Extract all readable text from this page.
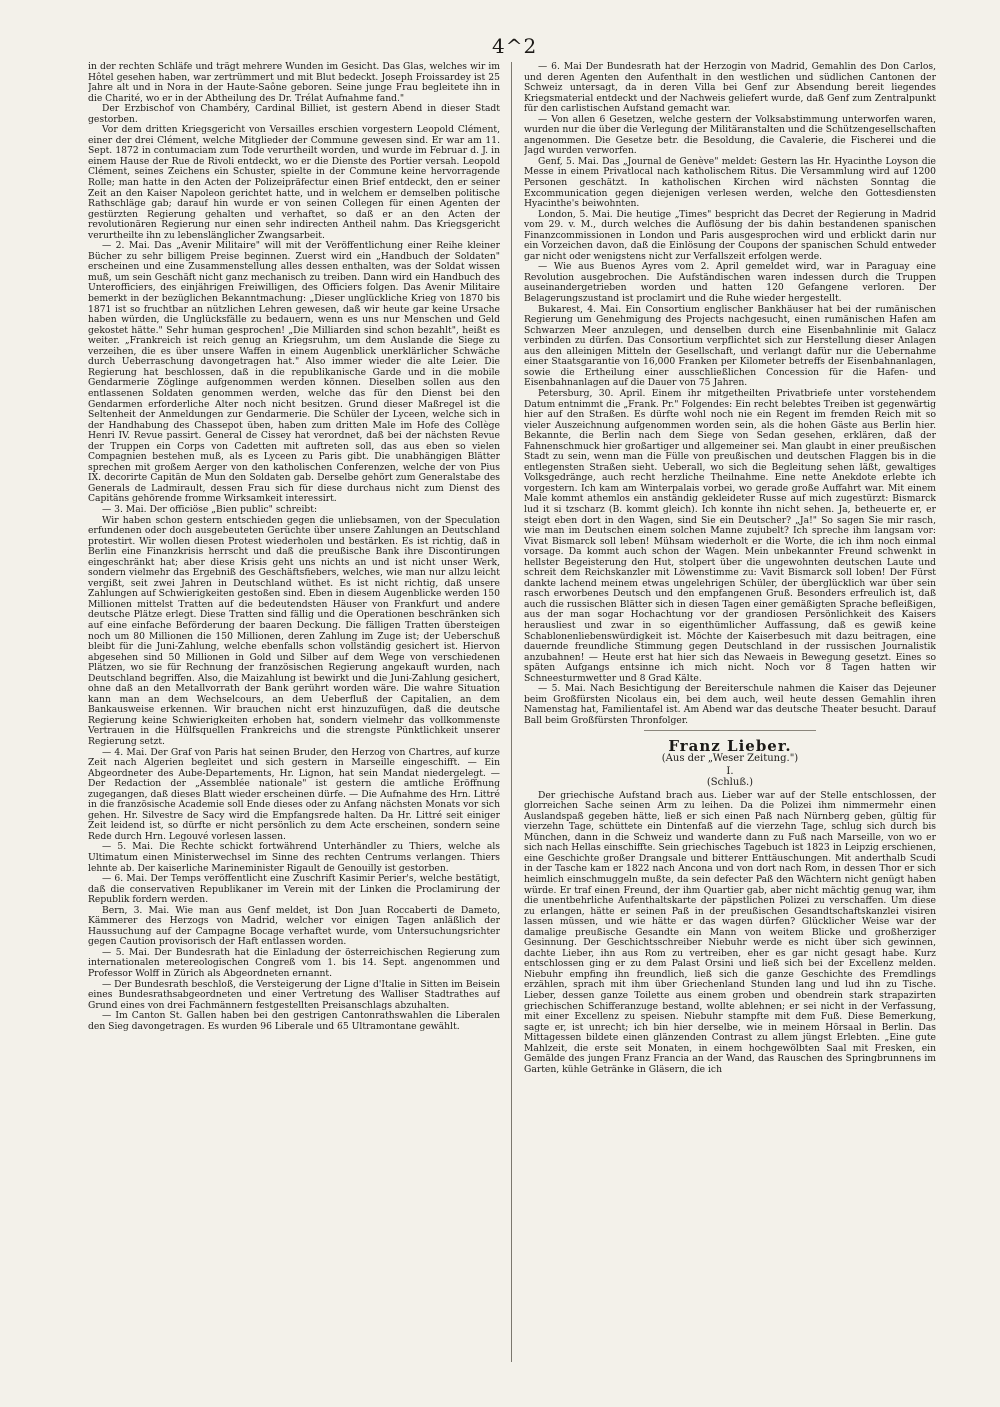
4^2

in der rechten Schläfe und trägt mehrere Wunden im Gesicht. Das Glas, welches wir im Hôtel gesehen haben, war zertrümmert und mit Blut bedeckt. Joseph Froissardey ist 25 Jahre alt und in Nora in der Haute-Saône geboren. Seine junge Frau begleitete ihn in die Charité, wo er in der Abtheilung des Dr. Trélat Aufnahme fand."

Der Erzbischof von Chambéry, Cardinal Billiet, ist gestern Abend in dieser Stadt gestorben.

Vor dem dritten Kriegsgericht von Versailles erschien vorgestern Leopold Clément, einer der drei Clément, welche Mitglieder der Commune gewesen sind. Er war am 11. Sept. 1872 in contumaciam zum Tode verurtheilt worden, und wurde im Februar d. J. in einem Hause der Rue de Rivoli entdeckt, wo er die Dienste des Portier versah. Leopold Clément, seines Zeichens ein Schuster, spielte in der Commune keine hervorragende Rolle; man hatte in den Acten der Polizeipräfectur einen Brief entdeckt, den er seiner Zeit an den Kaiser Napoleon gerichtet hatte, und in welchem er demselben politische Rathschläge gab; darauf hin wurde er von seinen Collegen für einen Agenten der gestürzten Regierung gehalten und verhaftet, so daß er an den Acten der revolutionären Regierung nur einen sehr indirecten Antheil nahm. Das Kriegsgericht verurtheilte ihn zu lebenslänglicher Zwangsarbeit.

— 2. Mai. Das „Avenir Militaire" will mit der Veröffentlichung einer Reihe kleiner Bücher zu sehr billigem Preise beginnen. Zuerst wird ein „Handbuch der Soldaten" erscheinen und eine Zusammenstellung alles dessen enthalten, was der Soldat wissen muß, um sein Geschäft nicht ganz mechanisch zu treiben. Dann wird ein Handbuch des Unterofficiers, des einjährigen Freiwilligen, des Officiers folgen. Das Avenir Militaire bemerkt in der bezüglichen Bekanntmachung: „Dieser unglückliche Krieg von 1870 bis 1871 ist so fruchtbar an nützlichen Lehren gewesen, daß wir heute gar keine Ursache haben würden, die Unglücksfälle zu bedauern, wenn es uns nur Menschen und Geld gekostet hätte." Sehr human gesprochen! „Die Milliarden sind schon bezahlt", heißt es weiter. „Frankreich ist reich genug an Kriegsruhm, um dem Auslande die Siege zu verzeihen, die es über unsere Waffen in einem Augenblick unerklärlicher Schwäche durch Ueberraschung davongetragen hat." Also immer wieder die alte Leier. Die Regierung hat beschlossen, daß in die republikanische Garde und in die mobile Gendarmerie Zöglinge aufgenommen werden können. Dieselben sollen aus den entlassenen Soldaten genommen werden, welche das für den Dienst bei den Gendarmen erforderliche Alter noch nicht besitzen. Grund dieser Maßregel ist die Seltenheit der Anmeldungen zur Gendarmerie. Die Schüler der Lyceen, welche sich in der Handhabung des Chassepot üben, haben zum dritten Male im Hofe des Collège Henri IV. Revue passirt. General de Cissey hat verordnet, daß bei der nächsten Revue der Truppen ein Corps von Cadetten mit auftreten soll, das aus eben so vielen Compagnien bestehen muß, als es Lyceen zu Paris gibt. Die unabhängigen Blätter sprechen mit großem Aerger von den katholischen Conferenzen, welche der von Pius IX. decorirte Capitän de Mun den Soldaten gab. Derselbe gehört zum Generalstabe des Generals de Ladmirault, dessen Frau sich für diese durchaus nicht zum Dienst des Capitäns gehörende fromme Wirksamkeit interessirt.

— 3. Mai. Der officiöse „Bien public" schreibt:

Wir haben schon gestern entschieden gegen die unliebsamen, von der Speculation erfundenen oder doch ausgebeuteten Gerüchte über unsere Zahlungen an Deutschland protestirt. Wir wollen diesen Protest wiederholen und bestärken. Es ist richtig, daß in Berlin eine Finanzkrisis herrscht und daß die preußische Bank ihre Discontirungen eingeschränkt hat; aber diese Krisis geht uns nichts an und ist nicht unser Werk, sondern vielmehr das Ergebniß des Geschäftsfiebers, welches, wie man nur allzu leicht vergißt, seit zwei Jahren in Deutschland wüthet. Es ist nicht richtig, daß unsere Zahlungen auf Schwierigkeiten gestoßen sind. Eben in diesem Augenblicke werden 150 Millionen mittelst Tratten auf die bedeutendsten Häuser von Frankfurt und andere deutsche Plätze erlegt. Diese Tratten sind fällig und die Operationen beschränken sich auf eine einfache Beförderung der baaren Deckung. Die fälligen Tratten übersteigen noch um 80 Millionen die 150 Millionen, deren Zahlung im Zuge ist; der Ueberschuß bleibt für die Juni-Zahlung, welche ebenfalls schon vollständig gesichert ist. Hiervon abgesehen sind 50 Millionen in Gold und Silber auf dem Wege von verschiedenen Plätzen, wo sie für Rechnung der französischen Regierung angekauft wurden, nach Deutschland begriffen. Also, die Maizahlung ist bewirkt und die Juni-Zahlung gesichert, ohne daß an den Metallvorrath der Bank gerührt worden wäre. Die wahre Situation kann man an dem Wechselcours, an dem Ueberfluß der Capitalien, an dem Bankausweise erkennen. Wir brauchen nicht erst hinzuzufügen, daß die deutsche Regierung keine Schwierigkeiten erhoben hat, sondern vielmehr das vollkommenste Vertrauen in die Hülfsquellen Frankreichs und die strengste Pünktlichkeit unserer Regierung setzt.

— 4. Mai. Der Graf von Paris hat seinen Bruder, den Herzog von Chartres, auf kurze Zeit nach Algerien begleitet und sich gestern in Marseille eingeschifft. — Ein Abgeordneter des Aube-Departements, Hr. Lignon, hat sein Mandat niedergelegt. — Der Redaction der „Assemblée nationale" ist gestern die amtliche Eröffnung zugegangen, daß dieses Blatt wieder erscheinen dürfe. — Die Aufnahme des Hrn. Littré in die französische Academie soll Ende dieses oder zu Anfang nächsten Monats vor sich gehen. Hr. Silvestre de Sacy wird die Empfangsrede halten. Da Hr. Littré seit einiger Zeit leidend ist, so dürfte er nicht persönlich zu dem Acte erscheinen, sondern seine Rede durch Hrn. Legouvé vorlesen lassen.

— 5. Mai. Die Rechte schickt fortwährend Unterhändler zu Thiers, welche als Ultimatum einen Ministerwechsel im Sinne des rechten Centrums verlangen. Thiers lehnte ab. Der kaiserliche Marineminister Rigault de Genouilly ist gestorben.

— 6. Mai. Der Temps veröffentlicht eine Zuschrift Kasimir Perier's, welche bestätigt, daß die conservativen Republikaner im Verein mit der Linken die Proclamirung der Republik fordern werden.

Bern, 3. Mai. Wie man aus Genf meldet, ist Don Juan Roccaberti de Dameto, Kämmerer des Herzogs von Madrid, welcher vor einigen Tagen anläßlich der Haussuchung auf der Campagne Bocage verhaftet wurde, vom Untersuchungsrichter gegen Caution provisorisch der Haft entlassen worden.

— 5. Mai. Der Bundesrath hat die Einladung der österreichischen Regierung zum internationalen metereologischen Congreß vom 1. bis 14. Sept. angenommen und Professor Wolff in Zürich als Abgeordneten ernannt.

— Der Bundesrath beschloß, die Versteigerung der Ligne d'Italie in Sitten im Beisein eines Bundesrathsabgeordneten und einer Vertretung des Walliser Stadtrathes auf Grund eines von drei Fachmännern festgestellten Preisanschlags abzuhalten.

— Im Canton St. Gallen haben bei den gestrigen Cantonrathswahlen die Liberalen den Sieg davongetragen. Es wurden 96 Liberale und 65 Ultramontane gewählt.

— 6. Mai Der Bundesrath hat der Herzogin von Madrid, Gemahlin des Don Carlos, und deren Agenten den Aufenthalt in den westlichen und südlichen Cantonen der Schweiz untersagt, da in deren Villa bei Genf zur Absendung bereit liegendes Kriegsmaterial entdeckt und der Nachweis geliefert wurde, daß Genf zum Zentralpunkt für den carlistischen Aufstand gemacht war.

— Von allen 6 Gesetzen, welche gestern der Volksabstimmung unterworfen waren, wurden nur die über die Verlegung der Militäranstalten und die Schützengesellschaften angenommen. Die Gesetze betr. die Besoldung, die Cavalerie, die Fischerei und die Jagd wurden verworfen.

Genf, 5. Mai. Das „Journal de Genève" meldet: Gestern las Hr. Hyacinthe Loyson die Messe in einem Privatlocal nach katholischem Ritus. Die Versammlung wird auf 1200 Personen geschätzt. In katholischen Kirchen wird nächsten Sonntag die Excommunication gegen diejenigen verlesen werden, welche den Gottesdiensten Hyacinthe's beiwohnten.

London, 5. Mai. Die heutige „Times" bespricht das Decret der Regierung in Madrid vom 29. v. M., durch welches die Auflösung der bis dahin bestandenen spanischen Finanzcommissionen in London und Paris ausgesprochen wird und erblickt darin nur ein Vorzeichen davon, daß die Einlösung der Coupons der spanischen Schuld entweder gar nicht oder wenigstens nicht zur Verfallszeit erfolgen werde.

— Wie aus Buenos Ayres vom 2. April gemeldet wird, war in Paraguay eine Revolution ausgebrochen. Die Aufständischen waren indessen durch die Truppen auseinandergetrieben worden und hatten 120 Gefangene verloren. Der Belagerungszustand ist proclamirt und die Ruhe wieder hergestellt.

Bukarest, 4. Mai. Ein Consortium englischer Bankhäuser hat bei der rumänischen Regierung um Genehmigung des Projects nachgesucht, einen rumänischen Hafen am Schwarzen Meer anzulegen, und denselben durch eine Eisenbahnlinie mit Galacz verbinden zu dürfen. Das Consortium verpflichtet sich zur Herstellung dieser Anlagen aus den alleinigen Mitteln der Gesellschaft, und verlangt dafür nur die Uebernahme einer Staatsgarantie von 16,000 Franken per Kilometer betreffs der Eisenbahnanlagen, sowie die Ertheilung einer ausschließlichen Concession für die Hafen- und Eisenbahnanlagen auf die Dauer von 75 Jahren.

Petersburg, 30. April. Einem ihr mitgetheilten Privatbriefe unter vorstehendem Datum entnimmt die „Frank. Pr." Folgendes: Ein recht belebtes Treiben ist gegenwärtig hier auf den Straßen. Es dürfte wohl noch nie ein Regent im fremden Reich mit so vieler Auszeichnung aufgenommen worden sein, als die hohen Gäste aus Berlin hier. Bekannte, die Berlin nach dem Siege von Sedan gesehen, erklären, daß der Fahnenschmuck hier großartiger und allgemeiner sei. Man glaubt in einer preußischen Stadt zu sein, wenn man die Fülle von preußischen und deutschen Flaggen bis in die entlegensten Straßen sieht. Ueberall, wo sich die Begleitung sehen läßt, gewaltiges Volksgedränge, auch recht herzliche Theilnahme. Eine nette Anekdote erlebte ich vorgestern. Ich kam am Winterpalais vorbei, wo gerade große Auffahrt war. Mit einem Male kommt athemlos ein anständig gekleideter Russe auf mich zugestürzt: Bismarck lud it si tzscharz (B. kommt gleich). Ich konnte ihn nicht sehen. Ja, betheuerte er, er steigt eben dort in den Wagen, sind Sie ein Deutscher? „Ja!" So sagen Sie mir rasch, wie man im Deutschen einem solchen Manne zujubelt? Ich spreche ihm langsam vor: Vivat Bismarck soll leben! Mühsam wiederholt er die Worte, die ich ihm noch einmal vorsage. Da kommt auch schon der Wagen. Mein unbekannter Freund schwenkt in hellster Begeisterung den Hut, stolpert über die ungewohnten deutschen Laute und schreit dem Reichskanzler mit Löwenstimme zu: Vavit Bismarck soll loben! Der Fürst dankte lachend meinem etwas ungelehrigen Schüler, der überglücklich war über sein rasch erworbenes Deutsch und den empfangenen Gruß. Besonders erfreulich ist, daß auch die russischen Blätter sich in diesen Tagen einer gemäßigten Sprache befleißigen, aus der man sogar Hochachtung vor der grandiosen Persönlichkeit des Kaisers herausliest und zwar in so eigenthümlicher Auffassung, daß es gewiß keine Schablonenliebenswürdigkeit ist. Möchte der Kaiserbesuch mit dazu beitragen, eine dauernde freundliche Stimmung gegen Deutschland in der russischen Journalistik anzubahnen! — Heute erst hat hier sich das Newaeis in Bewegung gesetzt. Eines so späten Aufgangs entsinne ich mich nicht. Noch vor 8 Tagen hatten wir Schneesturmwetter und 8 Grad Kälte.

— 5. Mai. Nach Besichtigung der Bereiterschule nahmen die Kaiser das Dejeuner beim Großfürsten Nicolaus ein, bei dem auch, weil heute dessen Gemahlin ihren Namenstag hat, Familientafel ist. Am Abend war das deutsche Theater besucht. Darauf Ball beim Großfürsten Thronfolger.

Franz Lieber.
(Aus der „Weser Zeitung.")
I.
(Schluß.)

Der griechische Aufstand brach aus. Lieber war auf der Stelle entschlossen, der glorreichen Sache seinen Arm zu leihen. Da die Polizei ihm nimmermehr einen Auslandspaß gegeben hätte, ließ er sich einen Paß nach Nürnberg geben, gültig für vierzehn Tage, schüttete ein Dintenfaß auf die vierzehn Tage, schlug sich durch bis München, dann in die Schweiz und wanderte dann zu Fuß nach Marseille, von wo er sich nach Hellas einschiffte. Sein griechisches Tagebuch ist 1823 in Leipzig erschienen, eine Geschichte großer Drangsale und bitterer Enttäuschungen. Mit anderthalb Scudi in der Tasche kam er 1822 nach Ancona und von dort nach Rom, in dessen Thor er sich heimlich einschmuggeln mußte, da sein defecter Paß den Wächtern nicht genügt haben würde. Er traf einen Freund, der ihm Quartier gab, aber nicht mächtig genug war, ihm die unentbehrliche Aufenthaltskarte der päpstlichen Polizei zu verschaffen. Um diese zu erlangen, hätte er seinen Paß in der preußischen Gesandtschaftskanzlei visiren lassen müssen, und wie hätte er das wagen dürfen? Glücklicher Weise war der damalige preußische Gesandte ein Mann von weitem Blicke und großherziger Gesinnung. Der Geschichtsschreiber Niebuhr werde es nicht über sich gewinnen, dachte Lieber, ihn aus Rom zu vertreiben, eher es gar nicht gesagt habe. Kurz entschlossen ging er zu dem Palast Orsini und ließ sich bei der Excellenz melden. Niebuhr empfing ihn freundlich, ließ sich die ganze Geschichte des Fremdlings erzählen, sprach mit ihm über Griechenland Stunden lang und lud ihn zu Tische. Lieber, dessen ganze Toilette aus einem groben und obendrein stark strapazirten griechischen Schifferanzuge bestand, wollte ablehnen; er sei nicht in der Verfassung, mit einer Excellenz zu speisen. Niebuhr stampfte mit dem Fuß. Diese Bemerkung, sagte er, ist unrecht; ich bin hier derselbe, wie in meinem Hörsaal in Berlin. Das Mittagessen bildete einen glänzenden Contrast zu allem jüngst Erlebten. „Eine gute Mahlzeit, die erste seit Monaten, in einem hochgewölbten Saal mit Fresken, ein Gemälde des jungen Franz Francia an der Wand, das Rauschen des Springbrunnens im Garten, kühle Getränke in Gläsern, die ich
